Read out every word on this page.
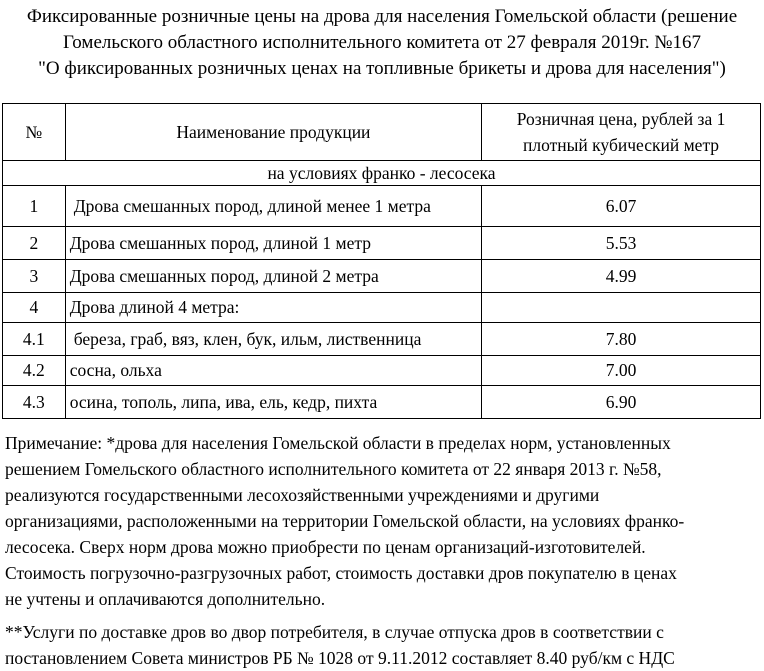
Фиксированные розничные цены на дрова для населения Гомельской области (решение
Гомельского областного исполнительного комитета от 27 февраля 2019г. №167
"О фиксированных розничных ценах на топливные брикеты и дрова для населения")
№	Наименование продукции	Розничная цена, рублей за 1
плотный кубический метр

на условиях франко - лесосека		
1	Дрова смешанных пород, длиной менее 1 метра	6.07
2	Дрова смешанных пород, длиной 1 метр	5.53
3	Дрова смешанных пород, длиной 2 метра	4.99
4	Дрова длиной 4 метра:	
4.1	береза, граб, вяз, клен, бук, ильм, лиственница	7.80
4.2	сосна, ольха	7.00
4.3	осина, тополь, липа, ива, ель, кедр, пихта	6.90
Примечание: *дрова для населения Гомельской области в пределах норм, установленных
решением Гомельского областного исполнительного комитета от 22 января 2013 г. №58,
реализуются государственными лесохозяйственными учреждениями и другими
организациями, расположенными на территории Гомельской области, на условиях франко-
лесосека. Сверх норм дрова можно приобрести по ценам организаций-изготовителей.
Стоимость погрузочно-разгрузочных работ, стоимость доставки дров покупателю в ценах
не учтены и оплачиваются дополнительно.
**Услуги по доставке дров во двор потребителя, в случае отпуска дров в соответствии с
постановлением Совета министров РБ № 1028 от 9.11.2012 составляет 8.40 руб/км с НДС
